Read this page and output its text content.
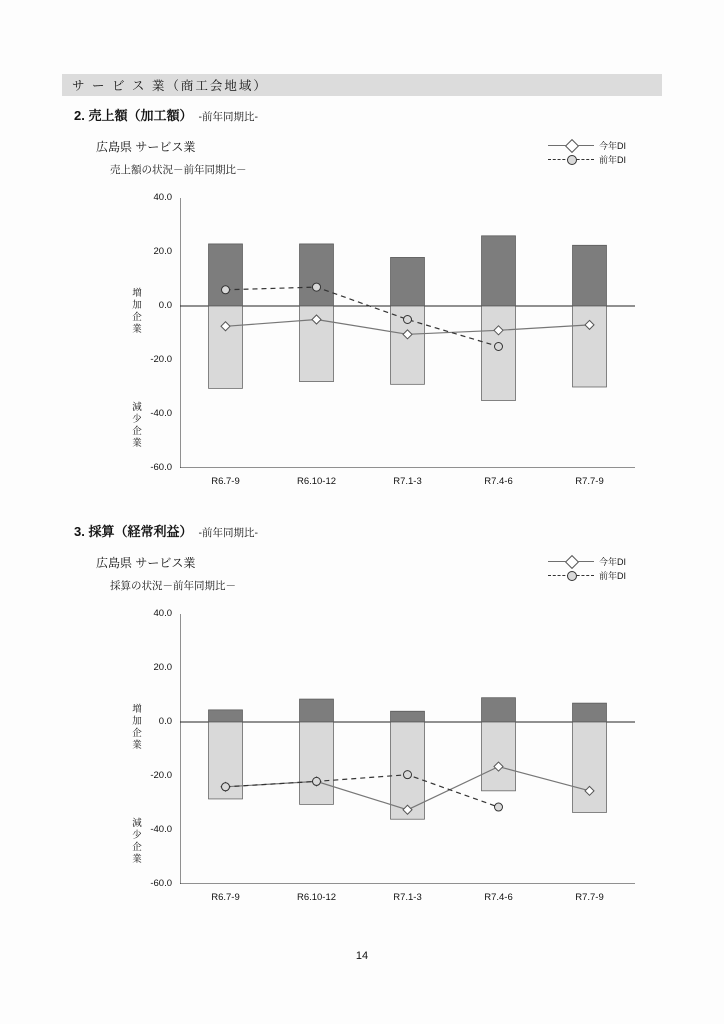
サ ー ビ ス 業（商工会地域）
2. 売上額（加工額） -前年同期比-
3. 採算（経常利益） -前年同期比-
広島県 サービス業
売上額の状況－前年同期比－
今年DI
前年DI
増加企業
減少企業
40.0
20.0
0.0
-20.0
-40.0
-60.0
R6.7-9	R6.10-12	R7.1-3	R7.4-6	R7.7-9
広島県 サービス業
採算の状況－前年同期比－
今年DI
前年DI
増加企業
減少企業
40.0
20.0
0.0
-20.0
-40.0
-60.0
R6.7-9	R6.10-12	R7.1-3	R7.4-6	R7.7-9
14
